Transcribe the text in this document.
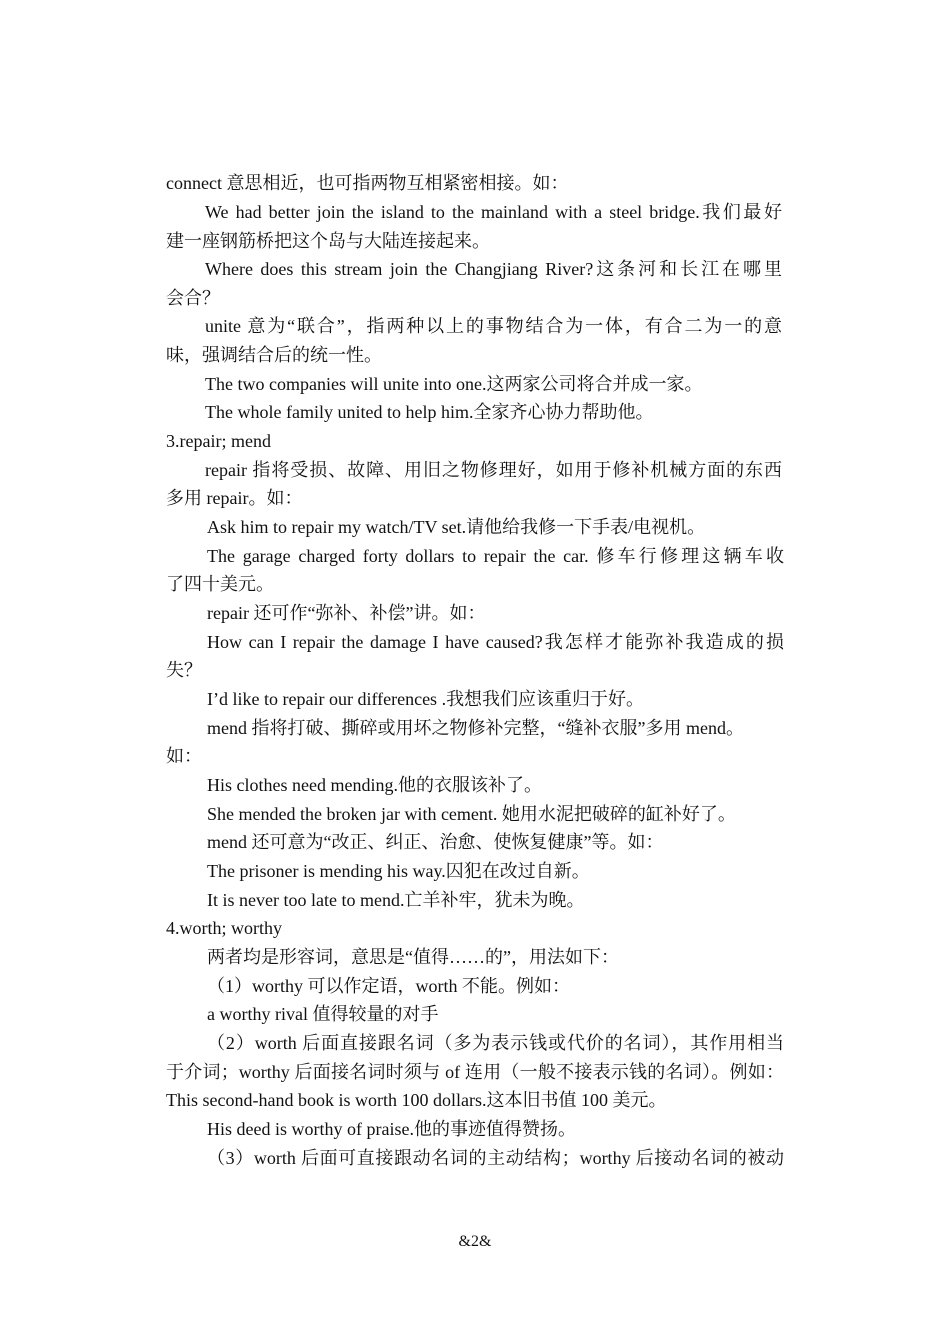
connect 意思相近，也可指两物互相紧密相接。如：
We had better join the island to the mainland with a steel bridge.我们最好
建一座钢筋桥把这个岛与大陆连接起来。
Where does this stream join the Changjiang River?这条河和长江在哪里
会合？
unite 意为“联合”，指两种以上的事物结合为一体，有合二为一的意
味，强调结合后的统一性。
The two companies will unite into one.这两家公司将合并成一家。
The whole family united to help him.全家齐心协力帮助他。
3.repair; mend
repair 指将受损、故障、用旧之物修理好，如用于修补机械方面的东西
多用 repair。如：
Ask him to repair my watch/TV set.请他给我修一下手表/电视机。
The garage charged forty dollars to repair the car. 修车行修理这辆车收
了四十美元。
repair 还可作“弥补、补偿”讲。如：
How can I repair the damage I have caused?我怎样才能弥补我造成的损
失？
I’d like to repair our differences .我想我们应该重归于好。
mend 指将打破、撕碎或用坏之物修补完整，“缝补衣服”多用 mend。
如：
His clothes need mending.他的衣服该补了。
She mended the broken jar with cement. 她用水泥把破碎的缸补好了。
mend 还可意为“改正、纠正、治愈、使恢复健康”等。如：
The prisoner is mending his way.囚犯在改过自新。
It is never too late to mend.亡羊补牢，犹未为晚。
4.worth; worthy
两者均是形容词，意思是“值得……的”，用法如下：
（1）worthy 可以作定语，worth 不能。例如：
a worthy rival 值得较量的对手
（2）worth 后面直接跟名词（多为表示钱或代价的名词），其作用相当
于介词；worthy 后面接名词时须与 of 连用（一般不接表示钱的名词）。例如：
This second-hand book is worth 100 dollars.这本旧书值 100 美元。
His deed is worthy of praise.他的事迹值得赞扬。
（3）worth 后面可直接跟动名词的主动结构；worthy 后接动名词的被动
&2&
